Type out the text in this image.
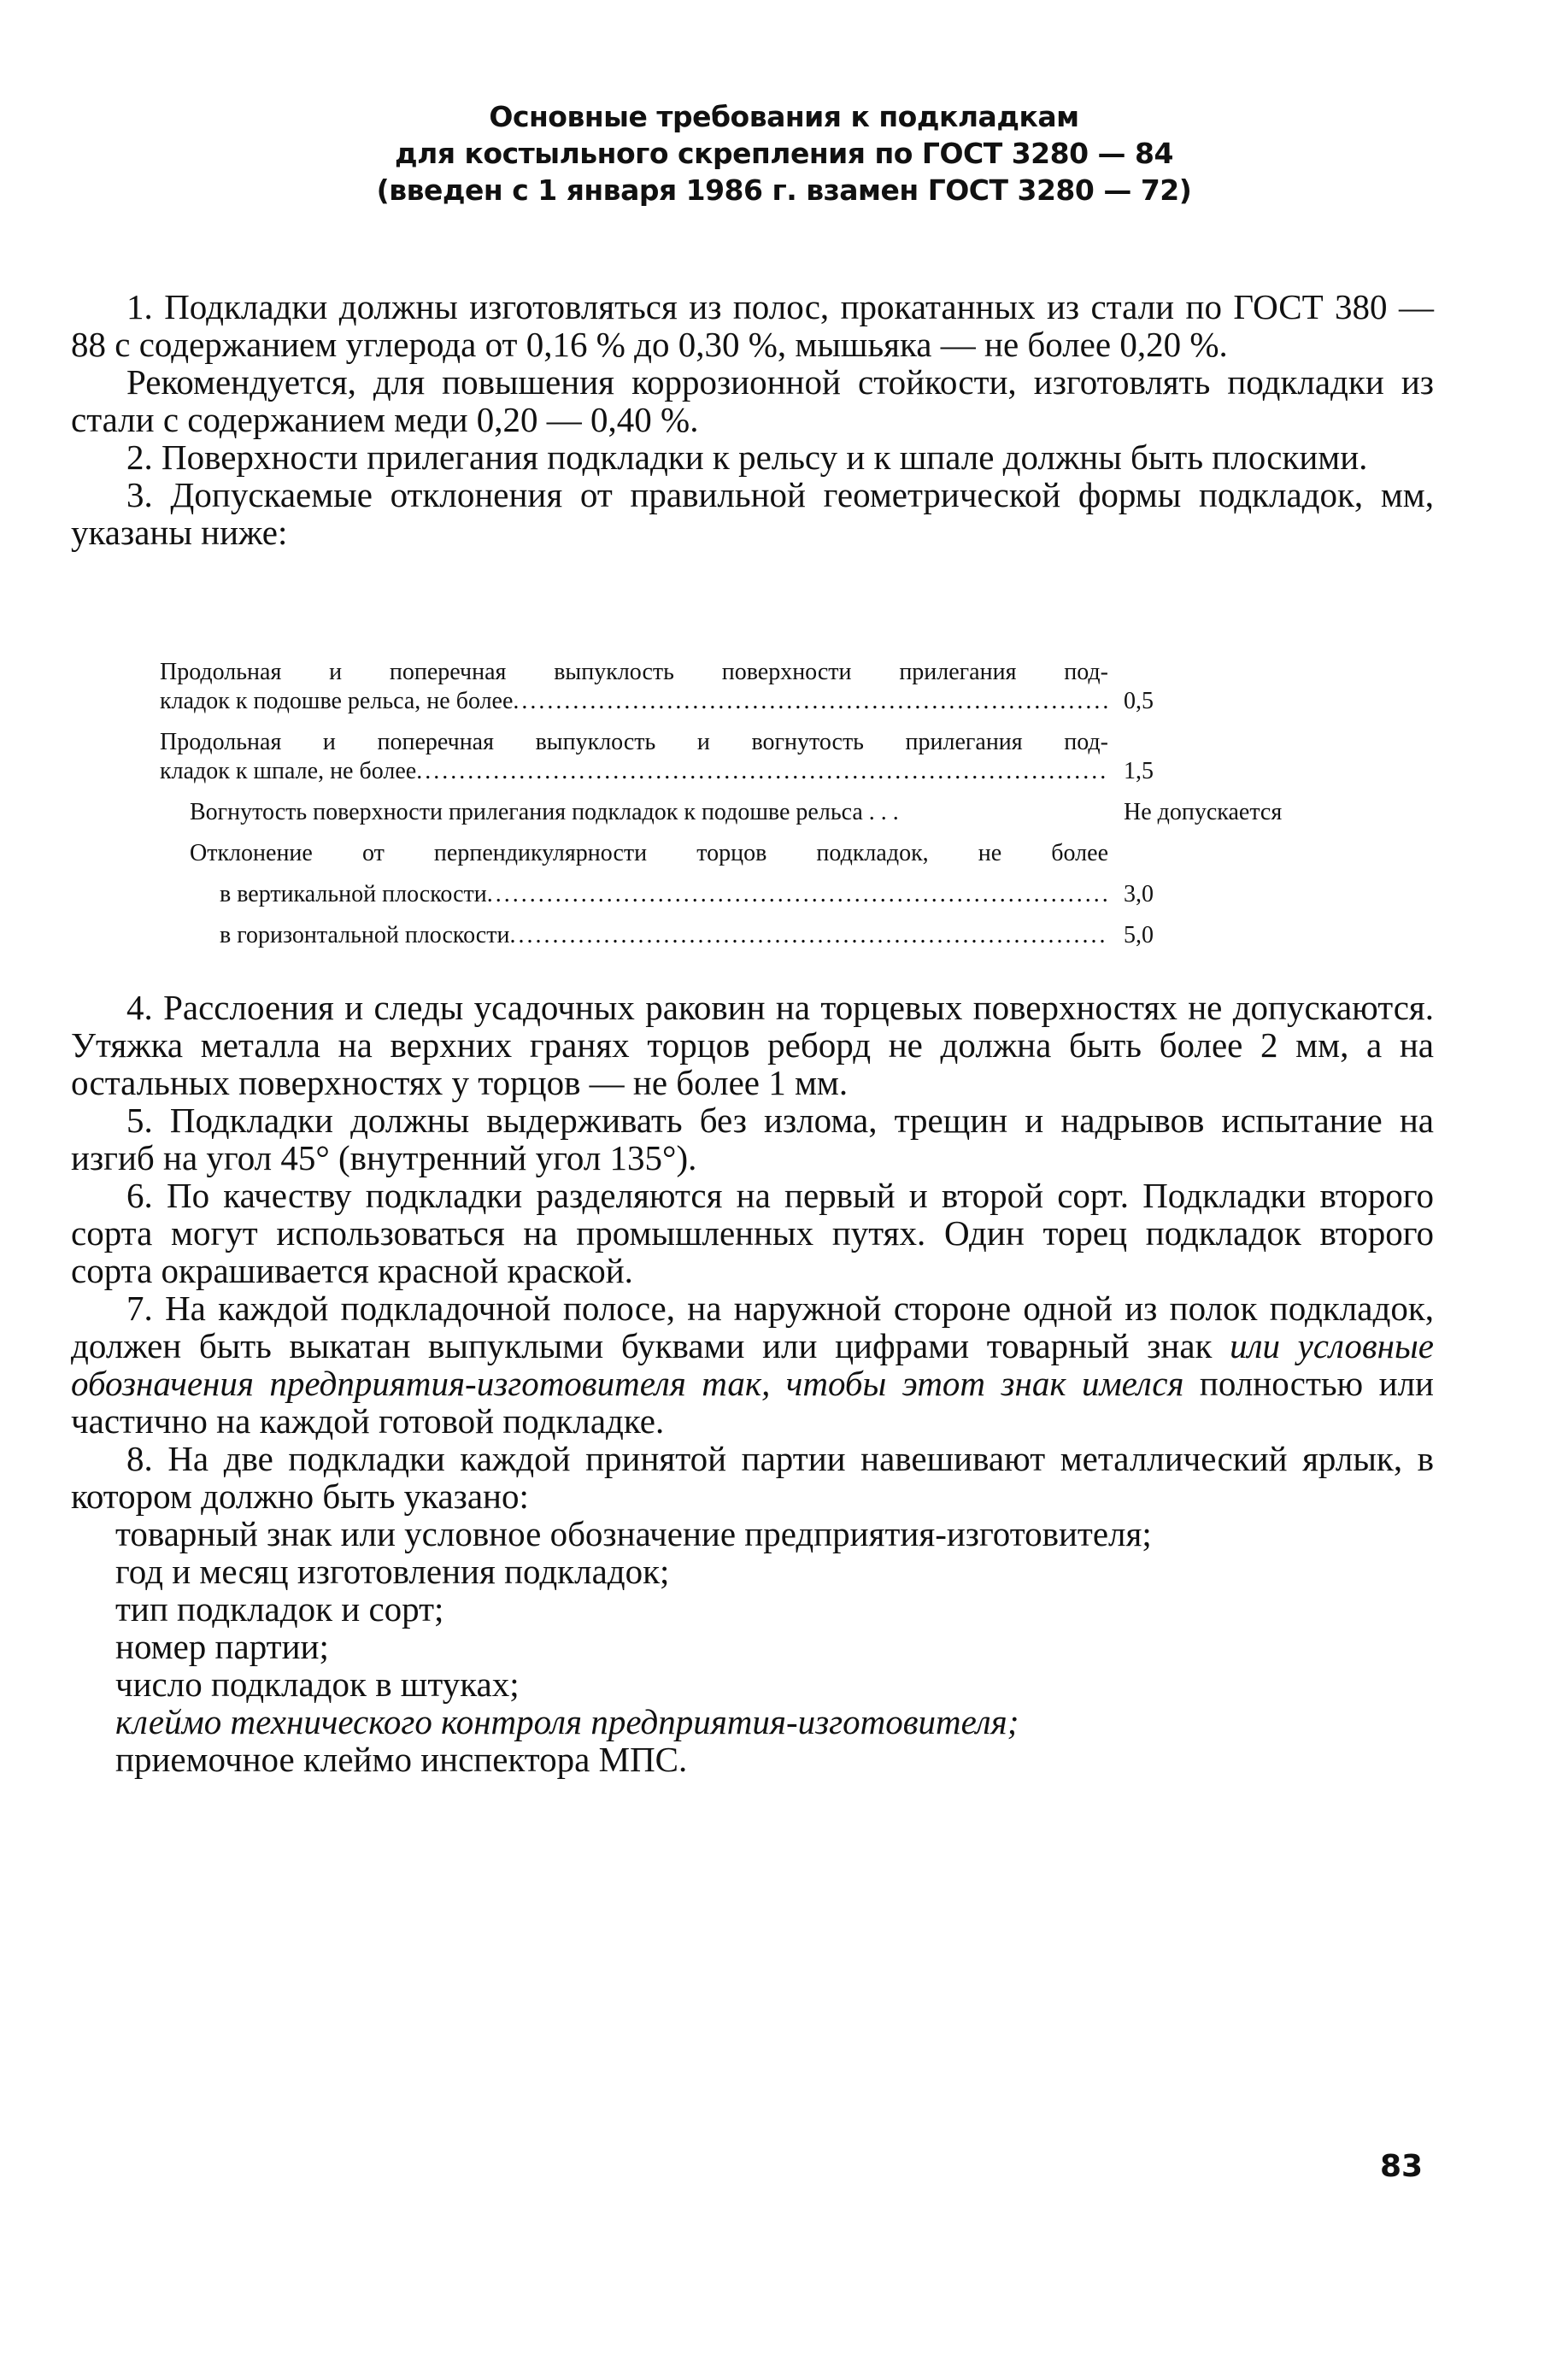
Основные требования к подкладкам
для костыльного скрепления по ГОСТ 3280 — 84
(введен с 1 января 1986 г. взамен ГОСТ 3280 — 72)

1. Подкладки должны изготовляться из полос, прокатанных из стали по ГОСТ 380 — 88 с содержанием углерода от 0,16 % до 0,30 %, мышьяка — не более 0,20 %.

Рекомендуется, для повышения коррозионной стойкости, изготовлять подкладки из стали с содержанием меди 0,20 — 0,40 %.

2. Поверхности прилегания подкладки к рельсу и к шпале должны быть плоскими.

3. Допускаемые отклонения от правильной геометрической формы подкладок, мм, указаны ниже:

Продольная и поперечная выпуклость поверхности прилегания под-
кладок к подошве рельса, не более . . .	0,5
Продольная и поперечная выпуклость и вогнутость прилегания под-
кладок к шпале, не более . . .	1,5
Вогнутость поверхности прилегания подкладок к подошве рельса . . .	Не допускается
Отклонение от перпендикулярности торцов подкладок, не более
в вертикальной плоскости . . .	3,0
в горизонтальной плоскости . . .	5,0

4. Расслоения и следы усадочных раковин на торцевых поверхностях не допускаются. Утяжка металла на верхних гранях торцов реборд не должна быть более 2 мм, а на остальных поверхностях у торцов — не более 1 мм.

5. Подкладки должны выдерживать без излома, трещин и надрывов испытание на изгиб на угол 45° (внутренний угол 135°).

6. По качеству подкладки разделяются на первый и второй сорт. Подкладки второго сорта могут использоваться на промышленных путях. Один торец подкладок второго сорта окрашивается красной краской.

7. На каждой подкладочной полосе, на наружной стороне одной из полок подкладок, должен быть выкатан выпуклыми буквами или цифрами товарный знак или условные обозначения предприятия-изготовителя так, чтобы этот знак имелся полностью или частично на каждой готовой подкладке.

8. На две подкладки каждой принятой партии навешивают металлический ярлык, в котором должно быть указано:

товарный знак или условное обозначение предприятия-изготовителя;
год и месяц изготовления подкладок;
тип подкладок и сорт;
номер партии;
число подкладок в штуках;
клеймо технического контроля предприятия-изготовителя;
приемочное клеймо инспектора МПС.
83
